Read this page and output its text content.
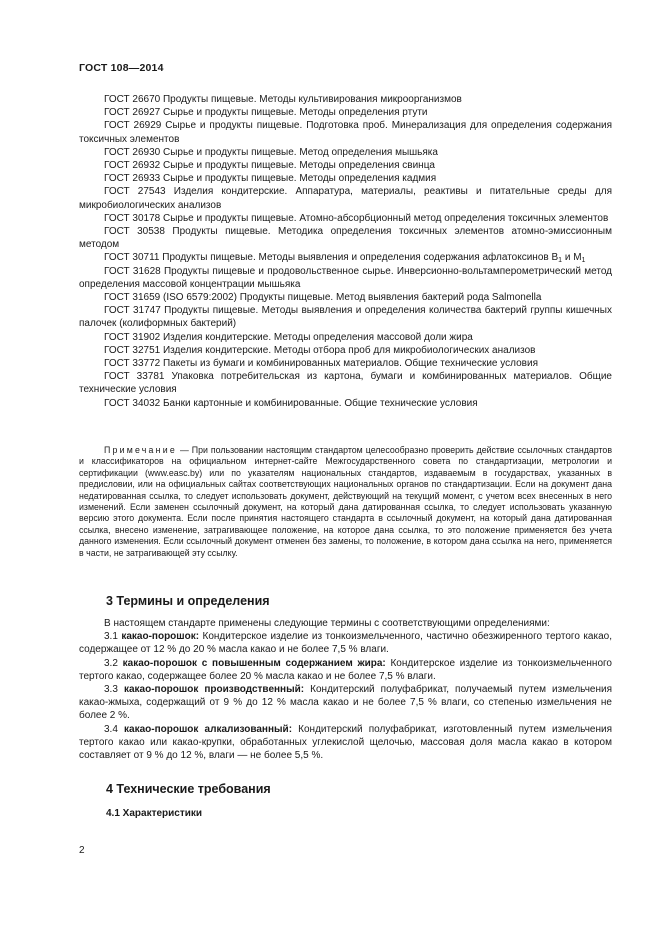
ГОСТ 108—2014

ГОСТ 26670 Продукты пищевые. Методы культивирования микроорганизмов

ГОСТ 26927 Сырье и продукты пищевые. Методы определения ртути

ГОСТ 26929 Сырье и продукты пищевые. Подготовка проб. Минерализация для определения содержания токсичных элементов

ГОСТ 26930 Сырье и продукты пищевые. Метод определения мышьяка

ГОСТ 26932 Сырье и продукты пищевые. Методы определения свинца

ГОСТ 26933 Сырье и продукты пищевые. Методы определения кадмия

ГОСТ 27543 Изделия кондитерские. Аппаратура, материалы, реактивы и питательные среды для микробиологических анализов

ГОСТ 30178 Сырье и продукты пищевые. Атомно-абсорбционный метод определения токсичных элементов

ГОСТ 30538 Продукты пищевые. Методика определения токсичных элементов атомно-эмиссионным методом

ГОСТ 30711 Продукты пищевые. Методы выявления и определения содержания афлатоксинов $B_1$ и $M_1$

ГОСТ 31628 Продукты пищевые и продовольственное сырье. Инверсионно-вольтамперометрический метод определения массовой концентрации мышьяка

ГОСТ 31659 (ISO 6579:2002) Продукты пищевые. Метод выявления бактерий рода Salmonella

ГОСТ 31747 Продукты пищевые. Методы выявления и определения количества бактерий группы кишечных палочек (колиформных бактерий)

ГОСТ 31902 Изделия кондитерские. Методы определения массовой доли жира

ГОСТ 32751 Изделия кондитерские. Методы отбора проб для микробиологических анализов

ГОСТ 33772 Пакеты из бумаги и комбинированных материалов. Общие технические условия

ГОСТ 33781 Упаковка потребительская из картона, бумаги и комбинированных материалов. Общие технические условия

ГОСТ 34032 Банки картонные и комбинированные. Общие технические условия

Примечание — При пользовании настоящим стандартом целесообразно проверить действие ссылочных стандартов и классификаторов на официальном интернет-сайте Межгосударственного совета по стандартизации, метрологии и сертификации (www.easc.by) или по указателям национальных стандартов, издаваемым в государствах, указанных в предисловии, или на официальных сайтах соответствующих национальных органов по стандартизации. Если на документ дана недатированная ссылка, то следует использовать документ, действующий на текущий момент, с учетом всех внесенных в него изменений. Если заменен ссылочный документ, на который дана датированная ссылка, то следует использовать указанную версию этого документа. Если после принятия настоящего стандарта в ссылочный документ, на который дана датированная ссылка, внесено изменение, затрагивающее положение, на которое дана ссылка, то это положение применяется без учета данного изменения. Если ссылочный документ отменен без замены, то положение, в котором дана ссылка на него, применяется в части, не затрагивающей эту ссылку.

3 Термины и определения

В настоящем стандарте применены следующие термины с соответствующими определениями:

3.1 какао-порошок: Кондитерское изделие из тонкоизмельченного, частично обезжиренного тертого какао, содержащее от 12 % до 20 % масла какао и не более 7,5 % влаги.

3.2 какао-порошок с повышенным содержанием жира: Кондитерское изделие из тонкоизмельченного тертого какао, содержащее более 20 % масла какао и не более 7,5 % влаги.

3.3 какао-порошок производственный: Кондитерский полуфабрикат, получаемый путем измельчения какао-жмыха, содержащий от 9 % до 12 % масла какао и не более 7,5 % влаги, со степенью измельчения не более 2 %.

3.4 какао-порошок алкализованный: Кондитерский полуфабрикат, изготовленный путем измельчения тертого какао или какао-крупки, обработанных углекислой щелочью, массовая доля масла какао в котором составляет от 9 % до 12 %, влаги — не более 5,5 %.

4 Технические требования
4.1 Характеристики
2
